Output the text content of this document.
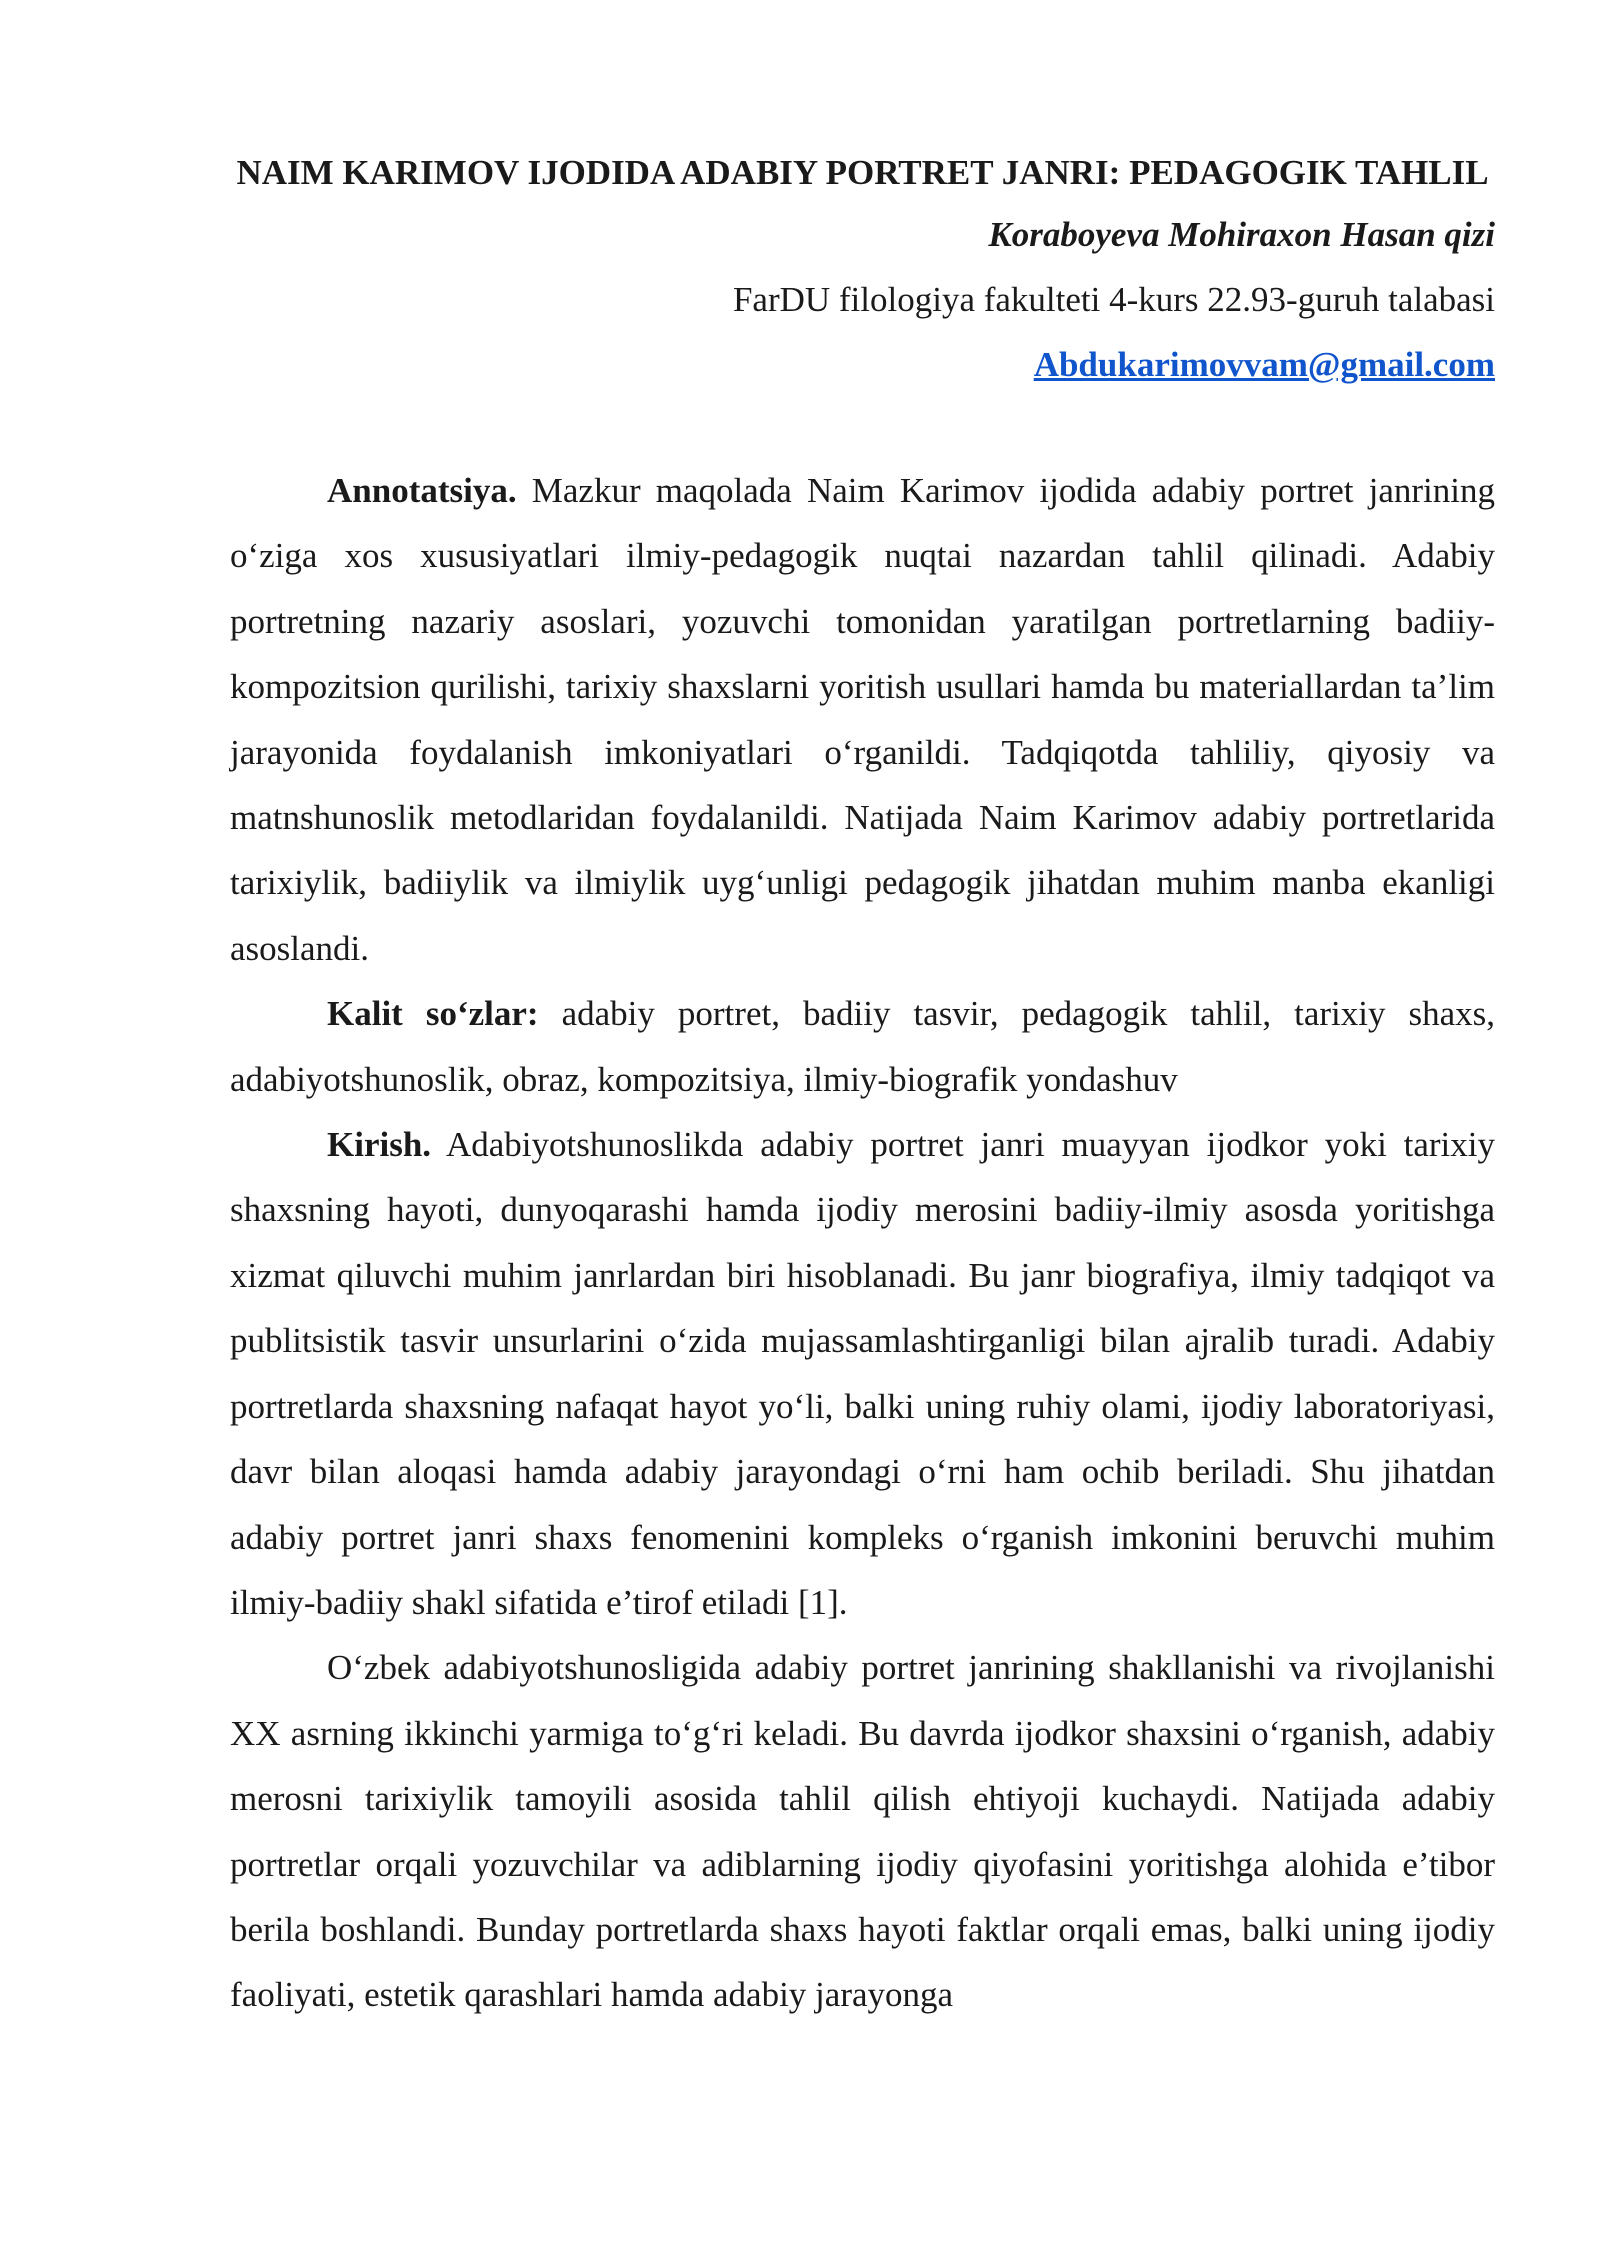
NAIM KARIMOV IJODIDA ADABIY PORTRET JANRI: PEDAGOGIK TAHLIL

Koraboyeva Mohiraxon Hasan qizi

FarDU filologiya fakulteti 4-kurs 22.93-guruh talabasi

Abdukarimovvam@gmail.com

Annotatsiya. Mazkur maqolada Naim Karimov ijodida adabiy portret janrining o‘ziga xos xususiyatlari ilmiy-pedagogik nuqtai nazardan tahlil qilinadi. Adabiy portretning nazariy asoslari, yozuvchi tomonidan yaratilgan portretlarning badiiy-kompozitsion qurilishi, tarixiy shaxslarni yoritish usullari hamda bu materiallardan ta’lim jarayonida foydalanish imkoniyatlari o‘rganildi. Tadqiqotda tahliliy, qiyosiy va matnshunoslik metodlaridan foydalanildi. Natijada Naim Karimov adabiy portretlarida tarixiylik, badiiylik va ilmiylik uyg‘unligi pedagogik jihatdan muhim manba ekanligi asoslandi.

Kalit so‘zlar: adabiy portret, badiiy tasvir, pedagogik tahlil, tarixiy shaxs, adabiyotshunoslik, obraz, kompozitsiya, ilmiy-biografik yondashuv

Kirish. Adabiyotshunoslikda adabiy portret janri muayyan ijodkor yoki tarixiy shaxsning hayoti, dunyoqarashi hamda ijodiy merosini badiiy-ilmiy asosda yoritishga xizmat qiluvchi muhim janrlardan biri hisoblanadi. Bu janr biografiya, ilmiy tadqiqot va publitsistik tasvir unsurlarini o‘zida mujassamlashtirganligi bilan ajralib turadi. Adabiy portretlarda shaxsning nafaqat hayot yo‘li, balki uning ruhiy olami, ijodiy laboratoriyasi, davr bilan aloqasi hamda adabiy jarayondagi o‘rni ham ochib beriladi. Shu jihatdan adabiy portret janri shaxs fenomenini kompleks o‘rganish imkonini beruvchi muhim ilmiy-badiiy shakl sifatida e’tirof etiladi [1].

O‘zbek adabiyotshunosligida adabiy portret janrining shakllanishi va rivojlanishi XX asrning ikkinchi yarmiga to‘g‘ri keladi. Bu davrda ijodkor shaxsini o‘rganish, adabiy merosni tarixiylik tamoyili asosida tahlil qilish ehtiyoji kuchaydi. Natijada adabiy portretlar orqali yozuvchilar va adiblarning ijodiy qiyofasini yoritishga alohida e’tibor berila boshlandi. Bunday portretlarda shaxs hayoti faktlar orqali emas, balki uning ijodiy faoliyati, estetik qarashlari hamda adabiy jarayonga
